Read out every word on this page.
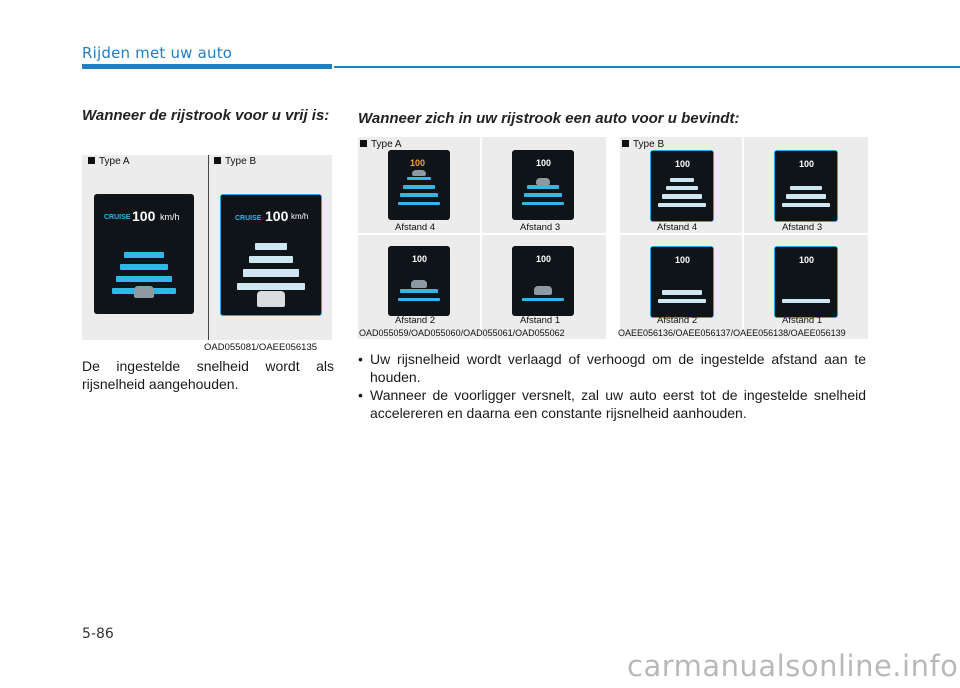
Rijden met uw auto
Wanneer de rijstrook voor u vrij is:
Type A	Type B
CRUISE 100 km/h	CRUISE 100 km/h
OAD055081/OAEE056135
De ingestelde snelheid wordt als rijsnelheid aangehouden.
Wanneer zich in uw rijstrook een auto voor u bevindt:
Type A
100	100
100	100
Afstand 4	Afstand 3
Afstand 2	Afstand 1
OAD055059/OAD055060/OAD055061/OAD055062
Type B
100	100
100	100
Afstand 4	Afstand 3
Afstand 2	Afstand 1
OAEE056136/OAEE056137/OAEE056138/OAEE056139
• Uw rijsnelheid wordt verlaagd of verhoogd om de ingestelde afstand aan te houden.
• Wanneer de voorligger versnelt, zal uw auto eerst tot de ingestelde snelheid accelereren en daarna een constante rijsnelheid aanhouden.
5-86
carmanualsonline.info
